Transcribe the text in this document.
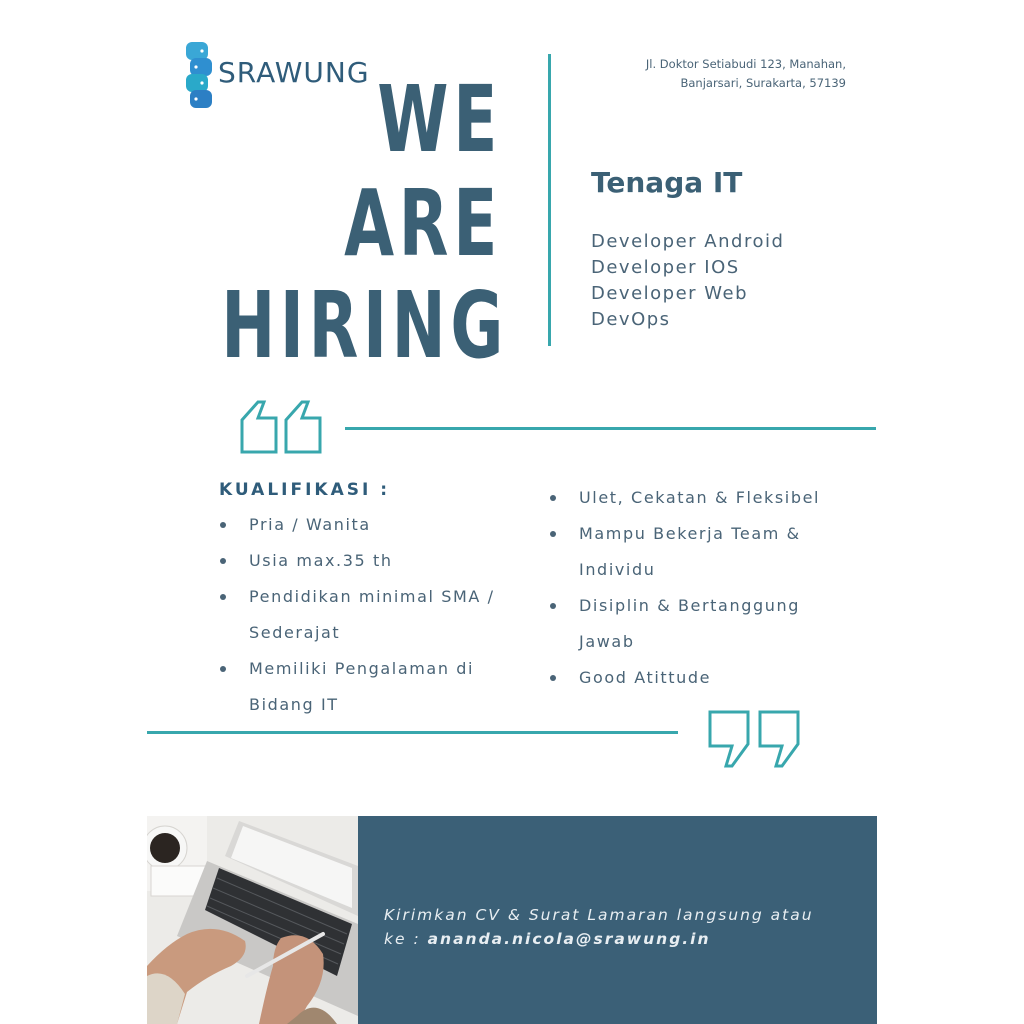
SRAWUNG	Jl. Doktor Setiabudi 123, Manahan,
Banjarsari, Surakarta, 57139
WE
ARE
HIRING
Tenaga IT
Developer Android
Developer IOS
Developer Web
DevOps
KUALIFIKASI :
Pria / Wanita
Usia max.35 th
Pendidikan minimal SMA / Sederajat
Memiliki Pengalaman di Bidang IT
Ulet, Cekatan & Fleksibel
Mampu Bekerja Team & Individu
Disiplin & Bertanggung Jawab
Good Atittude
Kirimkan CV & Surat Lamaran langsung atau
ke : ananda.nicola@srawung.in
